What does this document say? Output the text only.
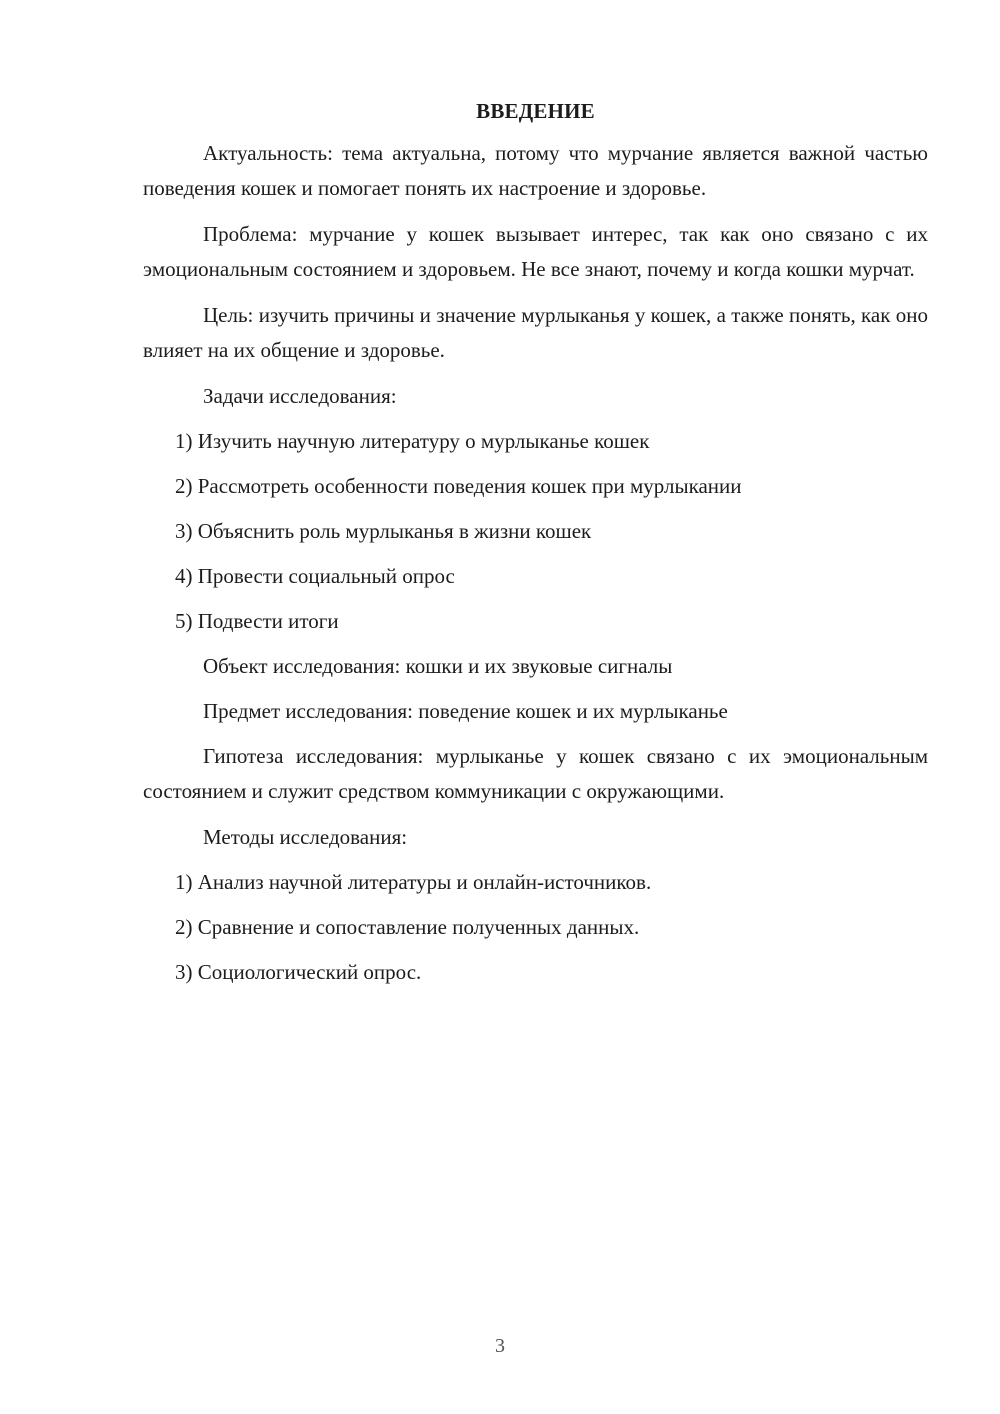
ВВЕДЕНИЕ

Актуальность: тема актуальна, потому что мурчание является важной частью поведения кошек и помогает понять их настроение и здоровье.

Проблема: мурчание у кошек вызывает интерес, так как оно связано с их эмоциональным состоянием и здоровьем. Не все знают, почему и когда кошки мурчат.

Цель: изучить причины и значение мурлыканья у кошек, а также понять, как оно влияет на их общение и здоровье.

Задачи исследования:

1) Изучить научную литературу о мурлыканье кошек
2) Рассмотреть особенности поведения кошек при мурлыкании
3) Объяснить роль мурлыканья в жизни кошек
4) Провести социальный опрос
5) Подвести итоги

Объект исследования: кошки и их звуковые сигналы

Предмет исследования: поведение кошек и их мурлыканье

Гипотеза исследования: мурлыканье у кошек связано с их эмоциональным состоянием и служит средством коммуникации с окружающими.

Методы исследования:

1) Анализ научной литературы и онлайн-источников.
2) Сравнение и сопоставление полученных данных.
3) Социологический опрос.
3
